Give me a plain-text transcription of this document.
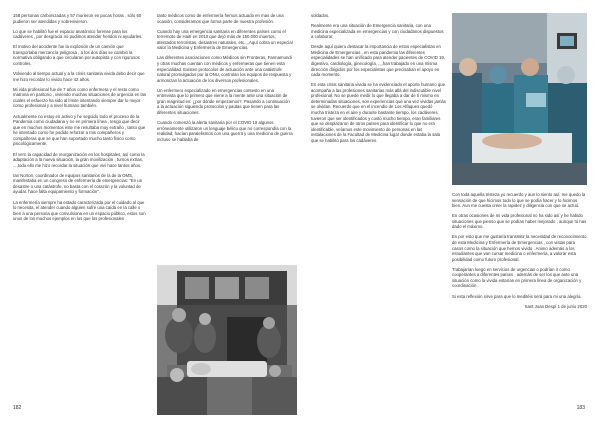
158 personas carbonizadas y 57 murieron en pocas horas , sólo 60 pudieron ser atendidas y sobrevivieron.

Lo que se habilitó fue el espacio anatómico forense para los cadáveres , por desgracia no pudimos atender heridos ni ayudarles.

El motivo del accidente fue la explosión de un camión que transportaba mercancía peligrosa , a los dos días se cambió la normativa obligando a que circularan por autopista y con rigurosos controles.

Volviendo al tiempo actual y a la crisis sanitaria vivida debo decir que me hizo recordar lo vivido hace 42 años.

Mi vida profesional fue de 7 años como enfermera y el resto como matrona en paritorio , viviendo muchas situaciones de urgencia en las cuales el esfuerzo ha sido al límite intentando siempre dar lo mejor como profesional y a nivel humano también.

Actualmente no estoy en activo y he seguido todo el proceso de la Pandemia como ciudadana y no en primera línea , tengo que decir que en muchos momentos este me resultaba muy extraño , tanto que he intentado como he podido reforzar a mis compañeros y compañeras que se que han soportado mucho tanto físico como psicológicamente.

El vern la capacidad de reorganización en los hospitales, así como la adaptación a la nueva situación, la gran movilización , turnos extras, ...,todo ello me hizo recordar la situación que viví hace tantos años.

Ian Norton, coordinador de equipos sanitarios de la de la OMS, manifestaba en un congreso de enfermería de emergencias: "En un desastre o una catástrofe, no basta con el corazón y la voluntad de ayudar, hace falta equipamiento y formación".

La enfermería siempre ha estado caracterizada por el cuidado al que lo necesita, el atender cuando alguien sufre una caída en la calle o bien a una persona que convulsiona en un espacio público, estos son unos de los muchos ejemplos en los que los profesionales

tanto médicos como de enfermería hemos actuado en mas de una ocasión, consideramos que forma parte de nuestra profesión.

Cuando hay una emergencia sanitaria en diferentes países como el terremoto de Haití en 2010 que dejó más de 150.000 muertos, atentados terroristas, desastres naturales, etc.,,,Aquí cobra un especial valor la Medicina y Enfermería de Emergencias.

Las diferentes asociaciones como Médicos sin Fronteras, Farmamundi y otras muchas cuentan con médicos y enfermeras que tienen esta especialidad. Existen protocolos de actuación ante una catástrofe natural promulgados por la ONU, controlan los equipos de respuesta y armonizan la actuación de los diversos profesionales.

Un enfermero especializado en emergencias contesto en una entrevista que lo primero que viene a la mente ante una situación de gran magnitud es: ¿por dónde empezamos?. Pasando a continuación a la actuación siguiendo protocolos y pautas que tienen para las diferentes situaciones.

Cuando comenzó la alerta sanitaria por el COVID 19 algunos erróneamente utilizaron un lenguaje bélico que no correspondía con la realidad, hacían paralelismos con una guerra y una medicina de guerra incluso se hablaba de

182

soldados.

Realmente era una situación de Emergencia sanitaria, con una medicina especializada en emergencias y con ciudadanos dispuestos a colaborar.

Desde aquí quiero destacar la importancia de estos especialistas en Medicina de Emergencias , en esta pandemia las diferentes especialidades se han unificado para atender pacientes de COVID 19, digestivo, cardiología, ginecología, ,,,,han trabajado en una misma dirección dirigidos por los especialistas que precisaban el apoyo en cada momento.

En esta crisis sanitaria vivida se ha evidenciado el aporte humano que acompaña a las profesiones sanitarias más allá del indiscutible nivel profesional. No se puede medir lo que llegaba a dar de tí mismo en determinadas situaciones, son experiencias que una vez vividas jamás se olvidan. Recuerdo que en el incendio de Los Alfaques quedó mucha tristeza en el aire y durante bastante tiempo, los cadáveres tuvieron que ser identificados y costó mucho tiempo, eran familiares que se desplazaron de otros países para identificar lo que no era identificable, veíamos este movimiento de personas en las instalaciones de la Facultad de Medicina lugar donde estaba la sala que se habilitó para los cadáveres.

Con toda aquella tristeza yo recuerdo y aun lo siento así, me quedo la sensación de que hicimos todo lo que se podía hacer y lo hicimos bien. Aun me cuesta creer la rapidez y diligencia con que se actuó.

En otras ocasiones de mi vida profesional no ha sido así y he habido situaciones que pienso que se podían haber mejorado , aunque tú has dado el máximo.

Es por esto que me gustaría transmitir la necesidad de reconocimiento de esta Medicina y Enfermería de Emergencias , con vistas para casos como la situación que hemos vivido . Animo además a los estudiantes que van cursar medicina o enfermería, a valorar esta posibilidad como futuro profesional.

Trabajarían luego en servicios de urgencias o podrían ir como cooperantes a diferentes países , además de ser los que ante una situación como la vivida estarían en primera línea de organización y coordinación .

Si esta reflexión sirve para que lo meditéis será para mi una alegría.

Sant Joan Despí 1 de junio 2020

183
